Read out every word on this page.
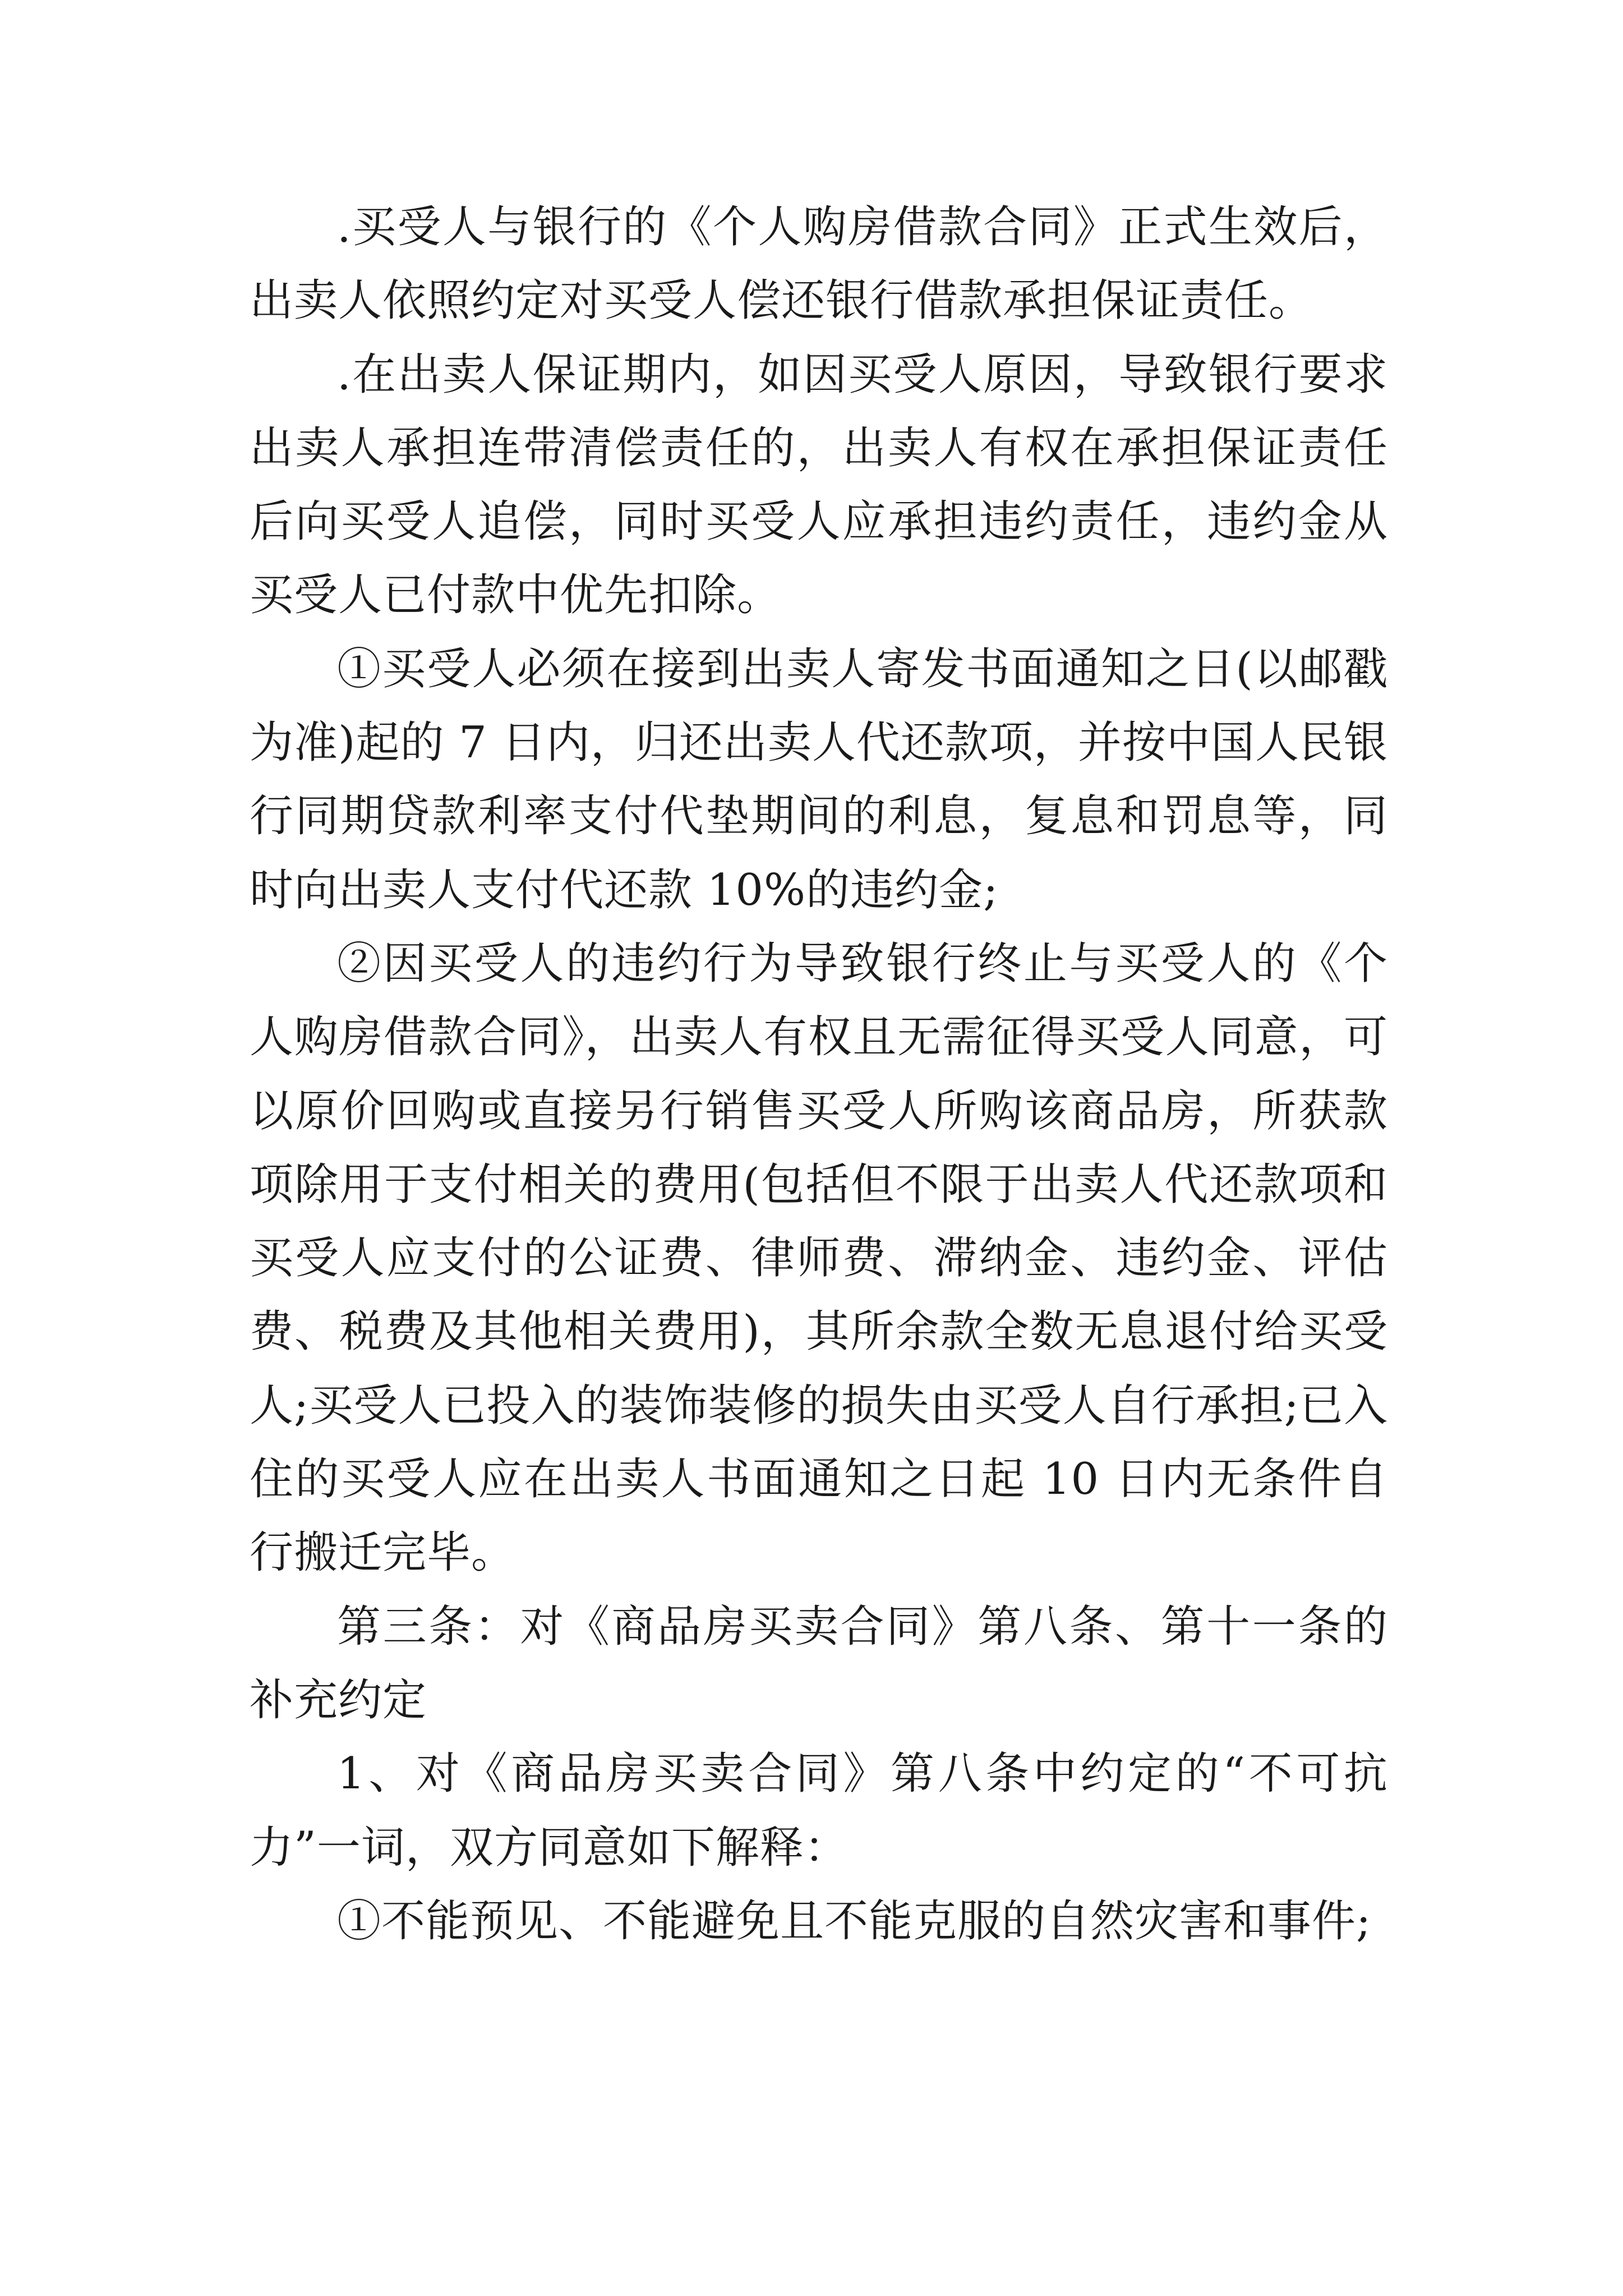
.买受人与银行的《个人购房借款合同》正式生效后，出卖人依照约定对买受人偿还银行借款承担保证责任。

.在出卖人保证期内，如因买受人原因，导致银行要求出卖人承担连带清偿责任的，出卖人有权在承担保证责任后向买受人追偿，同时买受人应承担违约责任，违约金从买受人已付款中优先扣除。

①买受人必须在接到出卖人寄发书面通知之日(以邮戳为准)起的 7 日内，归还出卖人代还款项，并按中国人民银行同期贷款利率支付代垫期间的利息，复息和罚息等，同时向出卖人支付代还款 10%的违约金;

②因买受人的违约行为导致银行终止与买受人的《个人购房借款合同》，出卖人有权且无需征得买受人同意，可以原价回购或直接另行销售买受人所购该商品房，所获款项除用于支付相关的费用(包括但不限于出卖人代还款项和买受人应支付的公证费、律师费、滞纳金、违约金、评估费、税费及其他相关费用)，其所余款全数无息退付给买受人;买受人已投入的装饰装修的损失由买受人自行承担;已入住的买受人应在出卖人书面通知之日起 10 日内无条件自行搬迁完毕。

第三条：对《商品房买卖合同》第八条、第十一条的补充约定

1、对《商品房买卖合同》第八条中约定的“不可抗力”一词，双方同意如下解释：

①不能预见、不能避免且不能克服的自然灾害和事件;
